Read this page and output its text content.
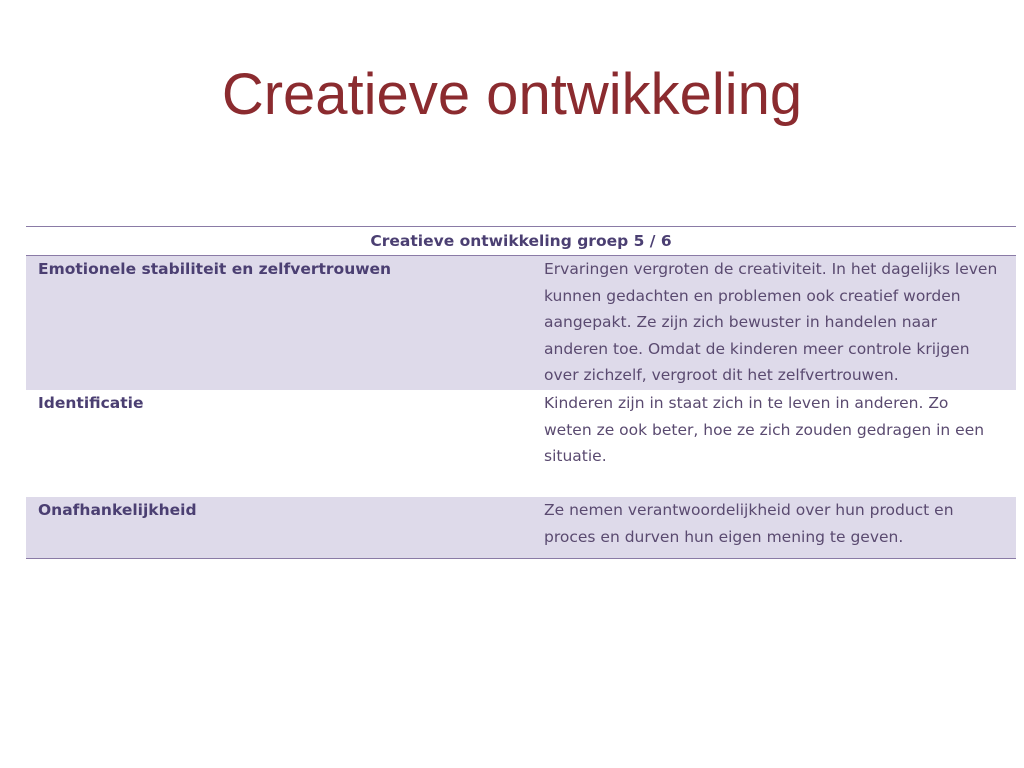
Creatieve ontwikkeling
Creatieve ontwikkeling groep 5 / 6	
Emotionele stabiliteit en zelfvertrouwen	Ervaringen vergroten de creativiteit. In het dagelijks leven kunnen gedachten en problemen ook creatief worden aangepakt. Ze zijn zich bewuster in handelen naar anderen toe. Omdat de kinderen meer controle krijgen over zichzelf, vergroot dit het zelfvertrouwen.

Identificatie	Kinderen zijn in staat zich in te leven in anderen. Zo weten ze ook beter, hoe ze zich zouden gedragen in een situatie.

Onafhankelijkheid	Ze nemen verantwoordelijkheid over hun product en proces en durven hun eigen mening te geven.
